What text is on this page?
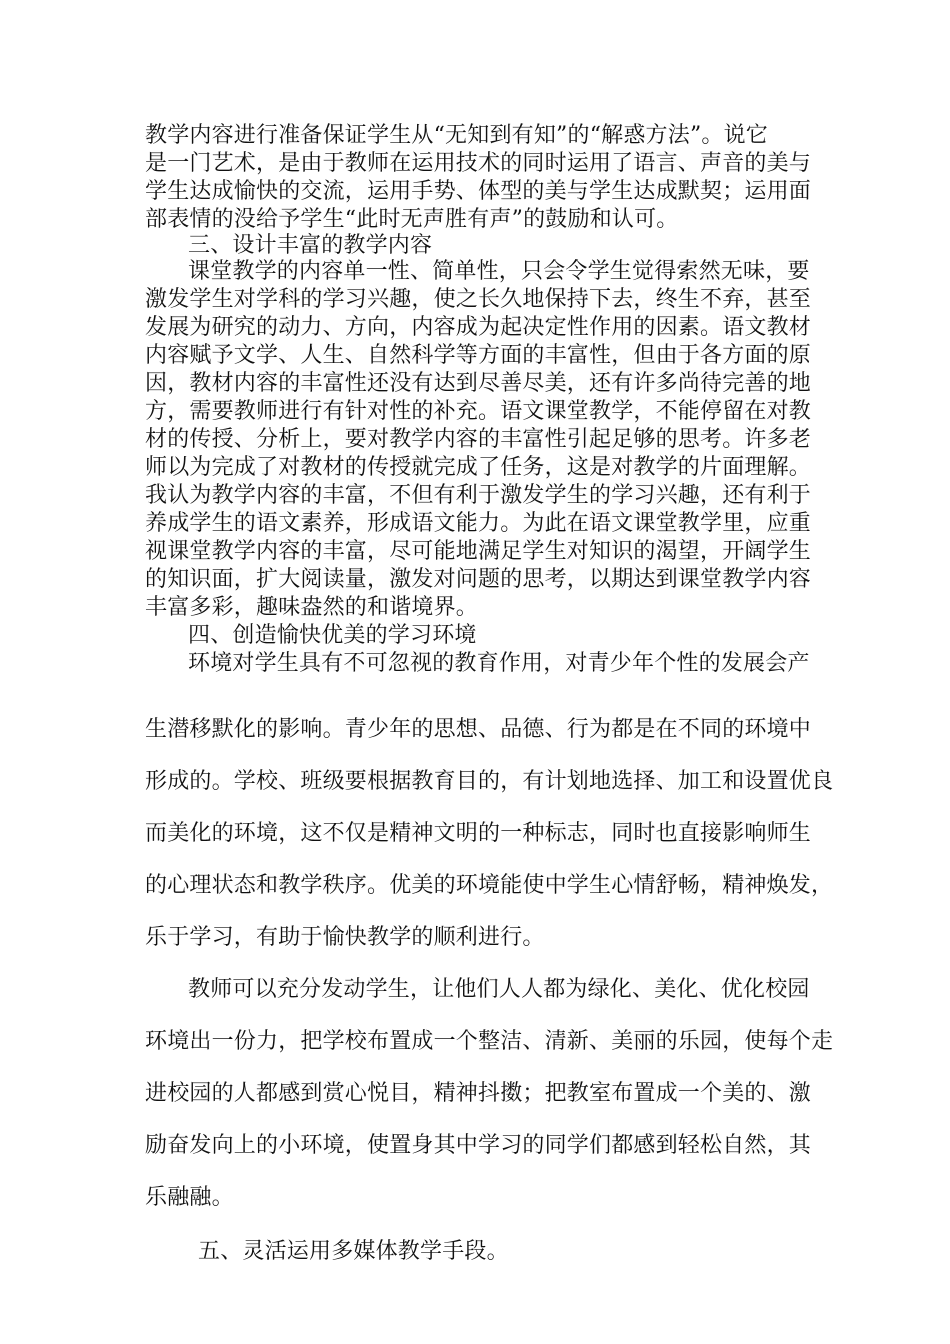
教学内容进行准备保证学生从“无知到有知”的“解惑方法”。说它
是一门艺术，是由于教师在运用技术的同时运用了语言、声音的美与
学生达成愉快的交流，运用手势、体型的美与学生达成默契；运用面
部表情的没给予学生“此时无声胜有声”的鼓励和认可。
三、设计丰富的教学内容
课堂教学的内容单一性、简单性，只会令学生觉得索然无味，要
激发学生对学科的学习兴趣，使之长久地保持下去，终生不弃，甚至
发展为研究的动力、方向，内容成为起决定性作用的因素。语文教材
内容赋予文学、人生、自然科学等方面的丰富性，但由于各方面的原
因，教材内容的丰富性还没有达到尽善尽美，还有许多尚待完善的地
方，需要教师进行有针对性的补充。语文课堂教学，不能停留在对教
材的传授、分析上，要对教学内容的丰富性引起足够的思考。许多老
师以为完成了对教材的传授就完成了任务，这是对教学的片面理解。
我认为教学内容的丰富，不但有利于激发学生的学习兴趣，还有利于
养成学生的语文素养，形成语文能力。为此在语文课堂教学里，应重
视课堂教学内容的丰富，尽可能地满足学生对知识的渴望，开阔学生
的知识面，扩大阅读量，激发对问题的思考，以期达到课堂教学内容
丰富多彩，趣味盎然的和谐境界。
四、创造愉快优美的学习环境
环境对学生具有不可忽视的教育作用，对青少年个性的发展会产
生潜移默化的影响。青少年的思想、品德、行为都是在不同的环境中
形成的。学校、班级要根据教育目的，有计划地选择、加工和设置优良
而美化的环境，这不仅是精神文明的一种标志，同时也直接影响师生
的心理状态和教学秩序。优美的环境能使中学生心情舒畅，精神焕发，
乐于学习，有助于愉快教学的顺利进行。
教师可以充分发动学生，让他们人人都为绿化、美化、优化校园
环境出一份力，把学校布置成一个整洁、清新、美丽的乐园，使每个走
进校园的人都感到赏心悦目，精神抖擞；把教室布置成一个美的、激
励奋发向上的小环境，使置身其中学习的同学们都感到轻松自然，其
乐融融。
五、灵活运用多媒体教学手段。
